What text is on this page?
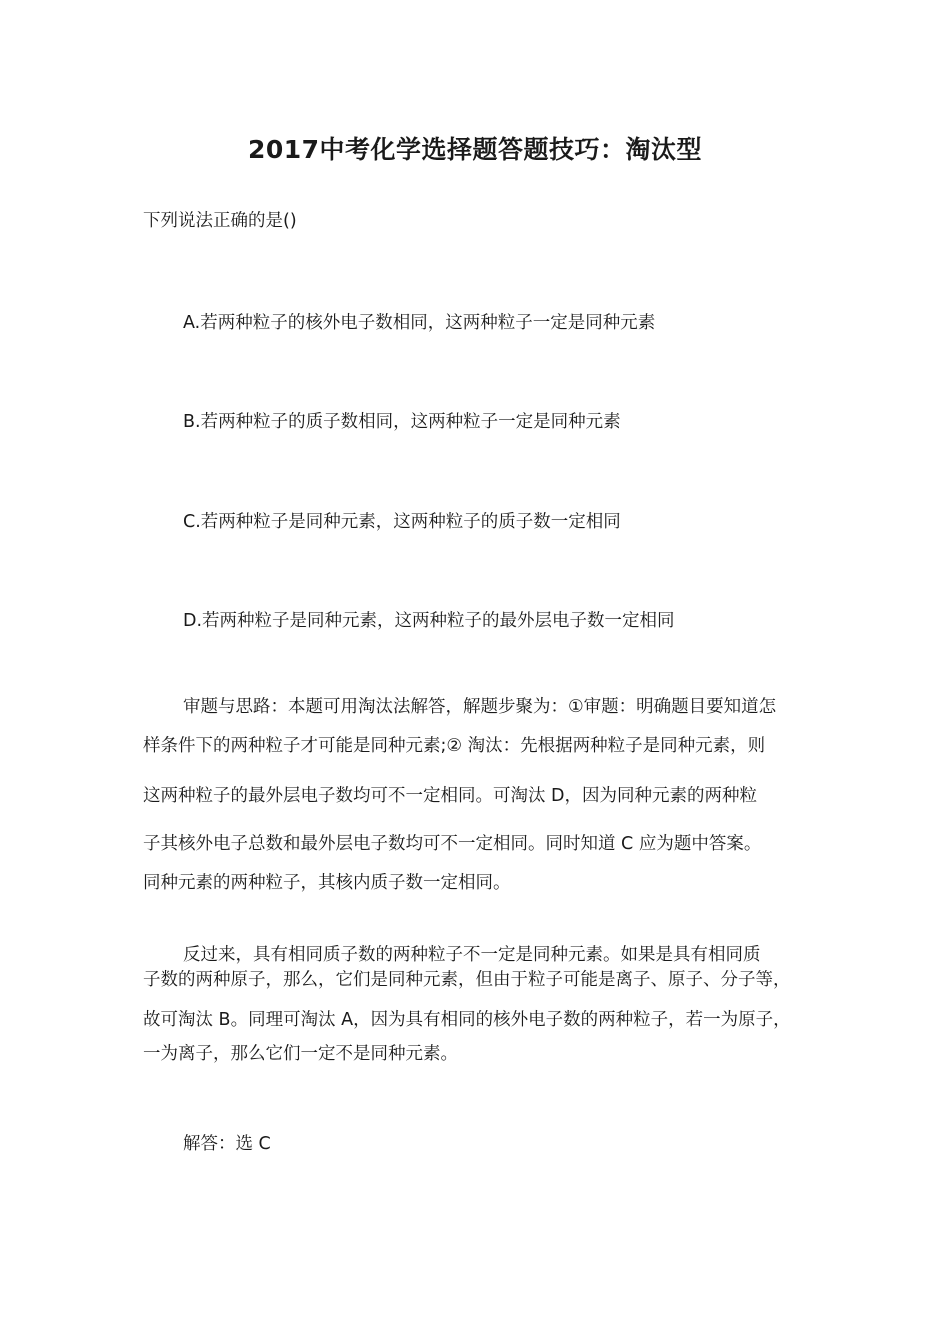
2017中考化学选择题答题技巧：淘汰型
下列说法正确的是()
A.若两种粒子的核外电子数相同，这两种粒子一定是同种元素
B.若两种粒子的质子数相同，这两种粒子一定是同种元素
C.若两种粒子是同种元素，这两种粒子的质子数一定相同
D.若两种粒子是同种元素，这两种粒子的最外层电子数一定相同
审题与思路：本题可用淘汰法解答，解题步聚为：①审题：明确题目要知道怎
样条件下的两种粒子才可能是同种元素;② 淘汰：先根据两种粒子是同种元素，则
这两种粒子的最外层电子数均可不一定相同。可淘汰 D，因为同种元素的两种粒
子其核外电子总数和最外层电子数均可不一定相同。同时知道 C 应为题中答案。
同种元素的两种粒子，其核内质子数一定相同。
反过来，具有相同质子数的两种粒子不一定是同种元素。如果是具有相同质
子数的两种原子，那么，它们是同种元素，但由于粒子可能是离子、原子、分子等，
故可淘汰 B。同理可淘汰 A，因为具有相同的核外电子数的两种粒子，若一为原子，
一为离子，那么它们一定不是同种元素。
解答：选 C
